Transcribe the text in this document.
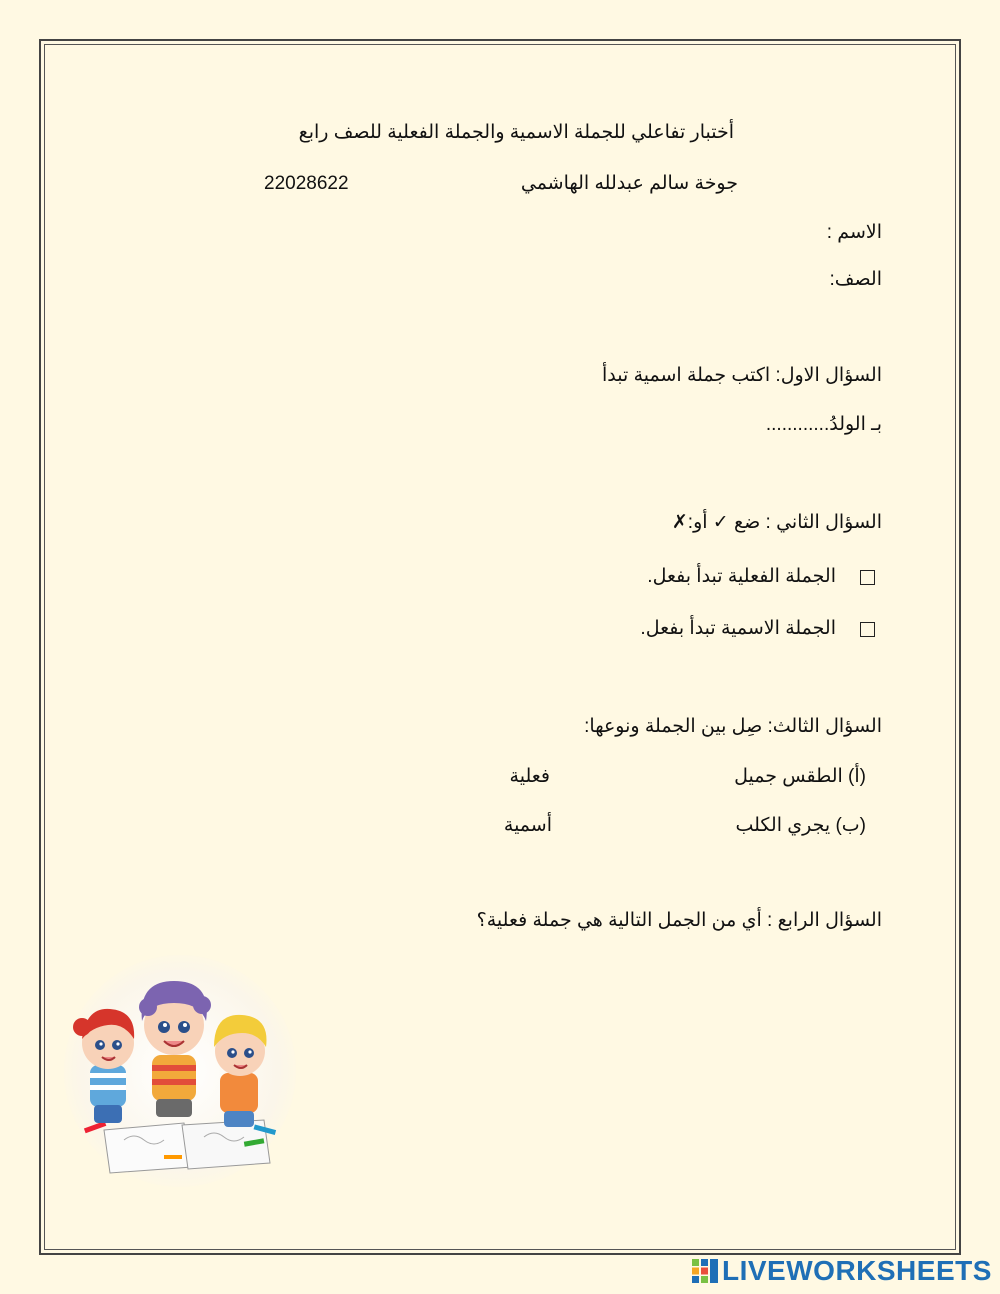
أختبار تفاعلي للجملة الاسمية والجملة الفعلية للصف رابع
جوخة سالم عبدلله الهاشمي
22028622
الاسم :
الصف:
السؤال الاول: اكتب جملة اسمية تبدأ
بـ الولدُ............
السؤال الثاني : ضع ✓ أو:✗
الجملة الفعلية تبدأ بفعل.
الجملة الاسمية تبدأ بفعل.
السؤال الثالث: صِل بين الجملة ونوعها:
(أ) الطقس جميل
(ب) يجري الكلب
فعلية
أسمية
السؤال الرابع : أي من الجمل التالية هي جملة فعلية؟
LIVEWORKSHEETS
